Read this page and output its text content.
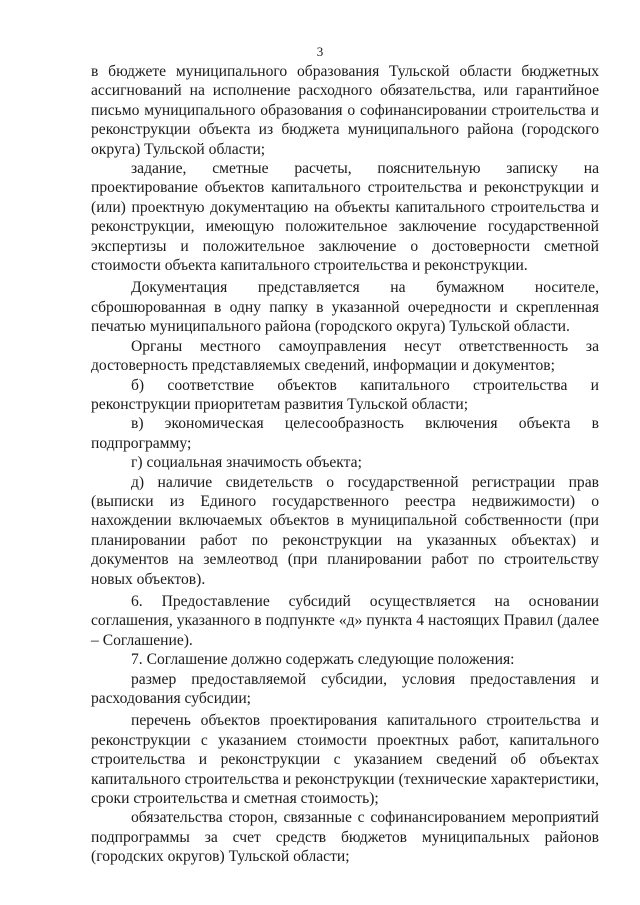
3

в бюджете муниципального образования Тульской области бюджетных ассигнований на исполнение расходного обязательства, или гарантийное письмо муниципального образования о софинансировании строительства и реконструкции объекта из бюджета муниципального района (городского округа) Тульской области;

задание, сметные расчеты, пояснительную записку на проектирование объектов капитального строительства и реконструкции и (или) проектную документацию на объекты капитального строительства и реконструкции, имеющую положительное заключение государственной экспертизы и положительное заключение о достоверности сметной стоимости объекта капитального строительства и реконструкции.

Документация представляется на бумажном носителе, сброшюрованная в одну папку в указанной очередности и скрепленная печатью муниципального района (городского округа) Тульской области.

Органы местного самоуправления несут ответственность за достоверность представляемых сведений, информации и документов;

б) соответствие объектов капитального строительства и реконструкции приоритетам развития Тульской области;

в) экономическая целесообразность включения объекта в подпрограмму;

г) социальная значимость объекта;

д) наличие свидетельств о государственной регистрации прав (выписки из Единого государственного реестра недвижимости) о нахождении включаемых объектов в муниципальной собственности (при планировании работ по реконструкции на указанных объектах) и документов на землеотвод (при планировании работ по строительству новых объектов).

6. Предоставление субсидий осуществляется на основании соглашения, указанного в подпункте «д» пункта 4 настоящих Правил (далее – Соглашение).

7. Соглашение должно содержать следующие положения:

размер предоставляемой субсидии, условия предоставления и расходования субсидии;

перечень объектов проектирования капитального строительства и реконструкции с указанием стоимости проектных работ, капитального строительства и реконструкции с указанием сведений об объектах капитального строительства и реконструкции (технические характеристики, сроки строительства и сметная стоимость);

обязательства сторон, связанные с софинансированием мероприятий подпрограммы за счет средств бюджетов муниципальных районов (городских округов) Тульской области;
